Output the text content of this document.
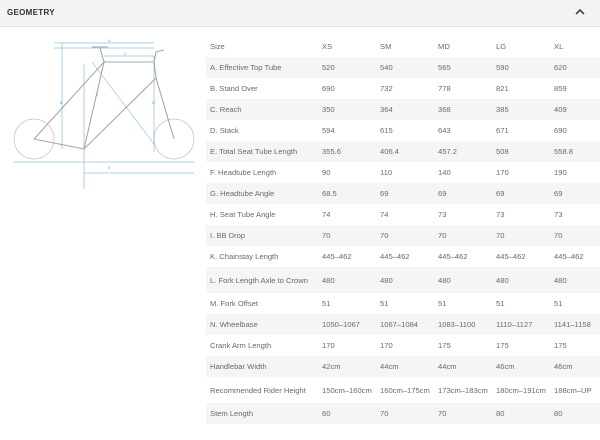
GEOMETRY
A
B
C
D
E
E
Size	XS	SM	MD	LG	XL
A. Effective Top Tube	520	540	565	590	620
B. Stand Over	690	732	778	821	859
C. Reach	350	364	368	385	409
D. Stack	594	615	643	671	690
E. Total Seat Tube Length	355.6	406.4	457.2	508	558.8
F. Headtube Length	90	110	140	170	190
G. Headtube Angle	68.5	69	69	69	69
H. Seat Tube Angle	74	74	73	73	73
I. BB Drop	70	70	70	70	70
K. Chainstay Length	445–462	445–462	445–462	445–462	445–462
L. Fork Length Axle to Crown	480	480	480	480	480
M. Fork Offset	51	51	51	51	51
N. Wheelbase	1050–1067	1067–1084	1083–1100	1110–1127	1141–1158
Crank Arm Length	170	170	175	175	175
Handlebar Width	42cm	44cm	44cm	46cm	46cm
Recommended Rider Height	150cm–160cm	160cm–175cm	173cm–183cm	180cm–191cm	188cm–UP
Stem Length	60	70	70	80	80
